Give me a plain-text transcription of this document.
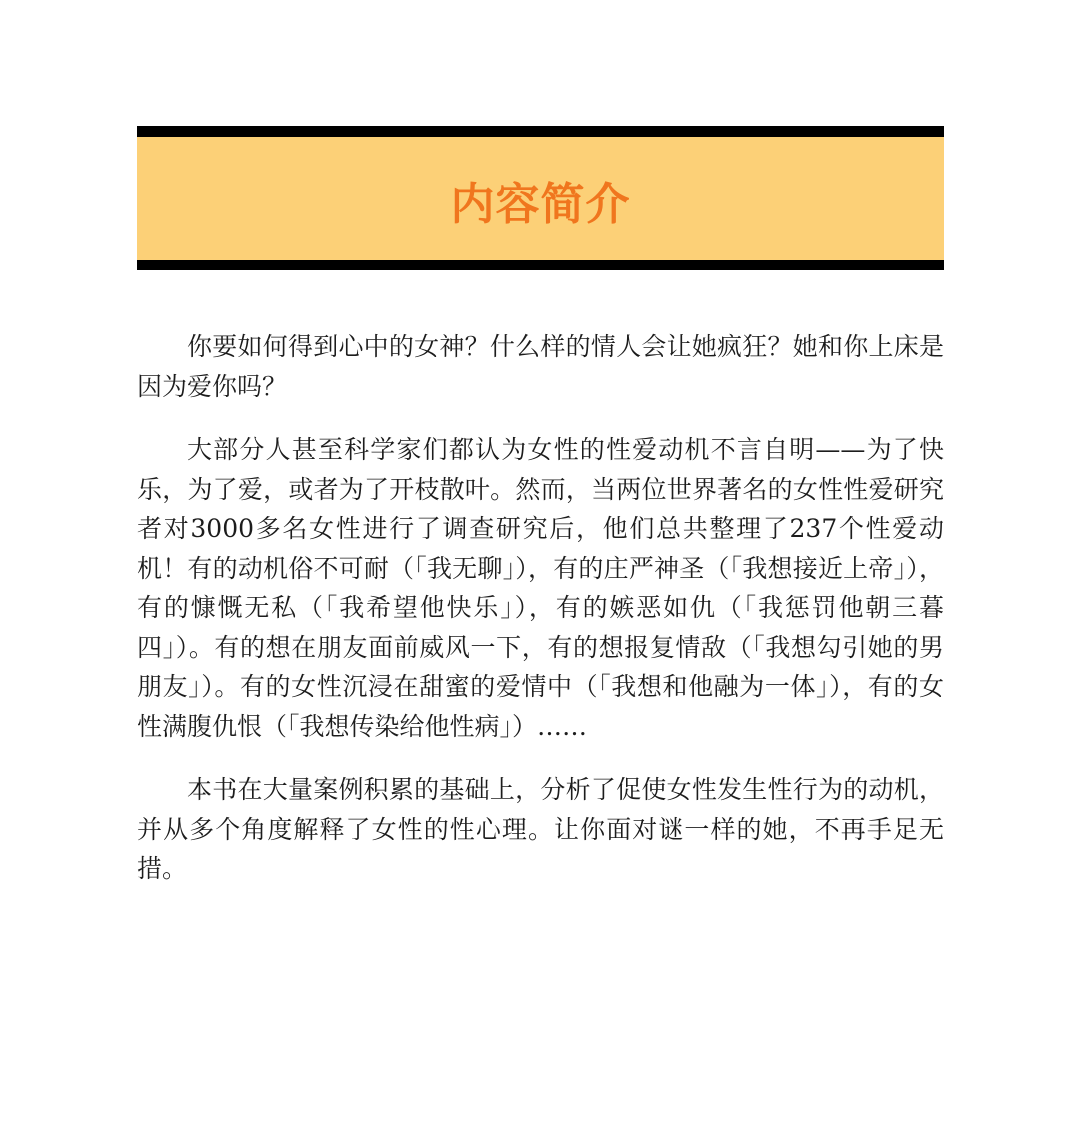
内容简介

你要如何得到心中的女神？什么样的情人会让她疯狂？她和你上床是因为爱你吗？

大部分人甚至科学家们都认为女性的性爱动机不言自明——为了快乐，为了爱，或者为了开枝散叶。然而，当两位世界著名的女性性爱研究者对3000多名女性进行了调查研究后，他们总共整理了237个性爱动机！有的动机俗不可耐（「我无聊」），有的庄严神圣（「我想接近上帝」），有的慷慨无私（「我希望他快乐」），有的嫉恶如仇（「我惩罚他朝三暮四」）。有的想在朋友面前威风一下，有的想报复情敌（「我想勾引她的男朋友」）。有的女性沉浸在甜蜜的爱情中（「我想和他融为一体」），有的女性满腹仇恨（「我想传染给他性病」）……

本书在大量案例积累的基础上，分析了促使女性发生性行为的动机，并从多个角度解释了女性的性心理。让你面对谜一样的她，不再手足无措。
